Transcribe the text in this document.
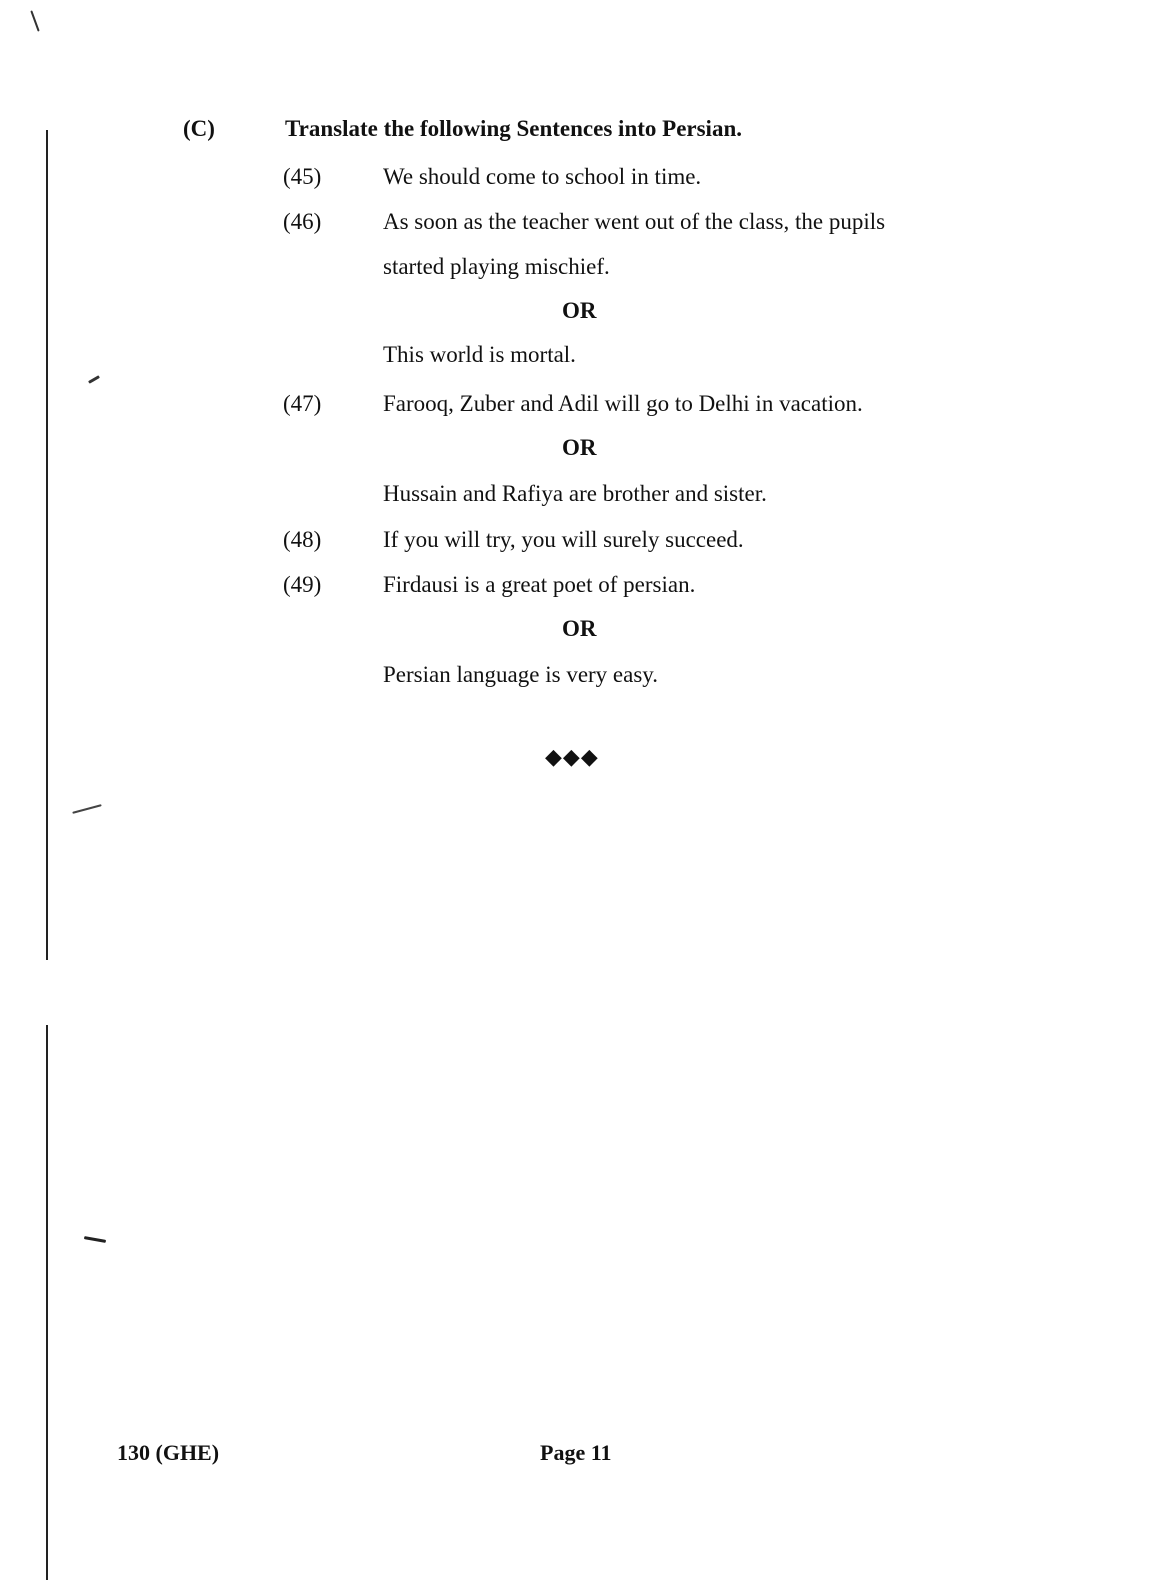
(C)	Translate the following Sentences into Persian.
(45)	We should come to school in time.
(46)	As soon as the teacher went out of the class, the pupils
started playing mischief.
OR
This world is mortal.
(47)	Farooq, Zuber and Adil will go to Delhi in vacation.
OR
Hussain and Rafiya are brother and sister.
(48)	If you will try, you will surely succeed.
(49)	Firdausi is a great poet of persian.
OR
Persian language is very easy.
◆◆◆
130 (GHE)	Page 11
